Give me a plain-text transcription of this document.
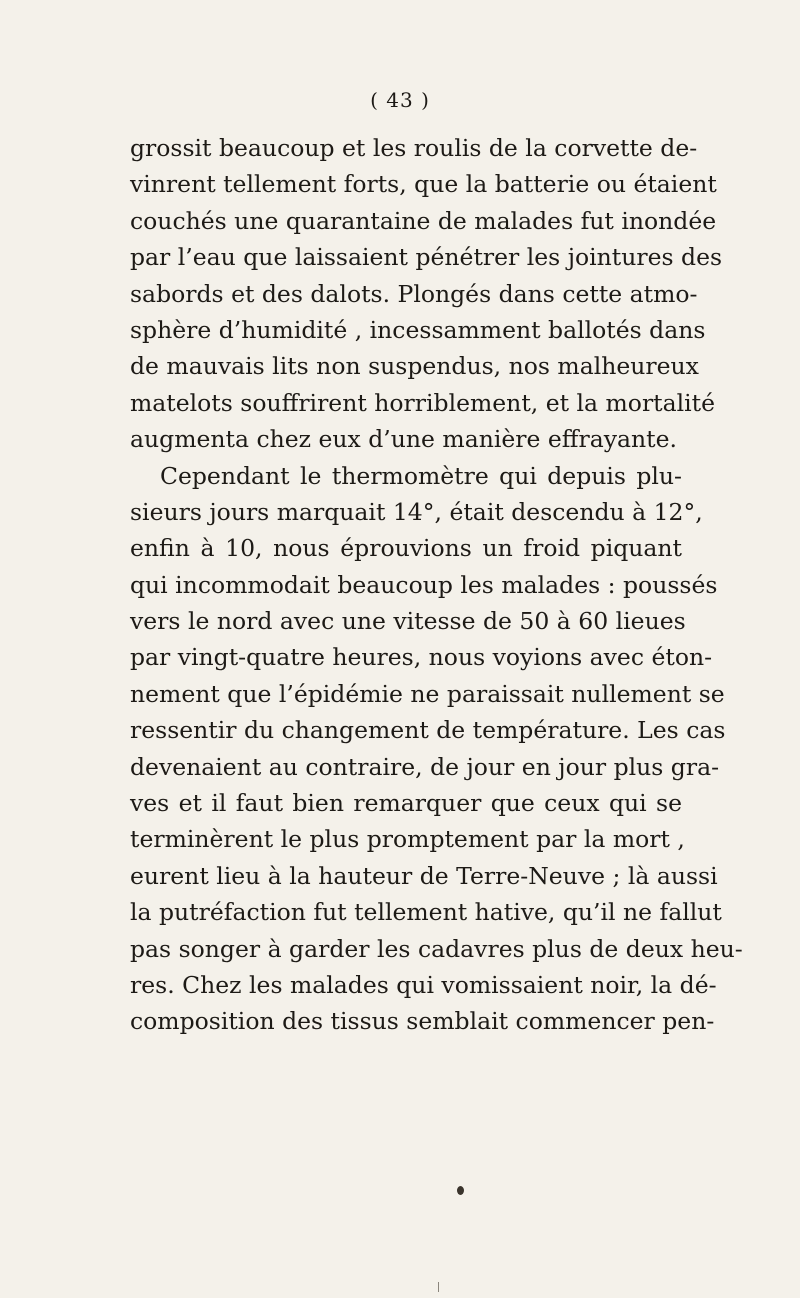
( 43 )
grossit beaucoup et les roulis de la corvette de-
vinrent tellement forts, que la batterie ou étaient
couchés une quarantaine de malades fut inondée
par l’eau que laissaient pénétrer les jointures des
sabords et des dalots. Plongés dans cette atmo-
sphère d’humidité , incessamment ballotés dans
de mauvais lits non suspendus, nos malheureux
matelots souffrirent horriblement, et la mortalité
augmenta chez eux d’une manière effrayante.
Cependant le thermomètre qui depuis plu-
sieurs jours marquait 14°, était descendu à 12°,
enfin à 10, nous éprouvions un froid piquant
qui incommodait beaucoup les malades : poussés
vers le nord avec une vitesse de 50 à 60 lieues
par vingt-quatre heures, nous voyions avec éton-
nement que l’épidémie ne paraissait nullement se
ressentir du changement de température. Les cas
devenaient au contraire, de jour en jour plus gra-
ves et il faut bien remarquer que ceux qui se
terminèrent le plus promptement par la mort ,
eurent lieu à la hauteur de Terre-Neuve ; là aussi
la putréfaction fut tellement hative, qu’il ne fallut
pas songer à garder les cadavres plus de deux heu-
res. Chez les malades qui vomissaient noir, la dé-
composition des tissus semblait commencer pen-
